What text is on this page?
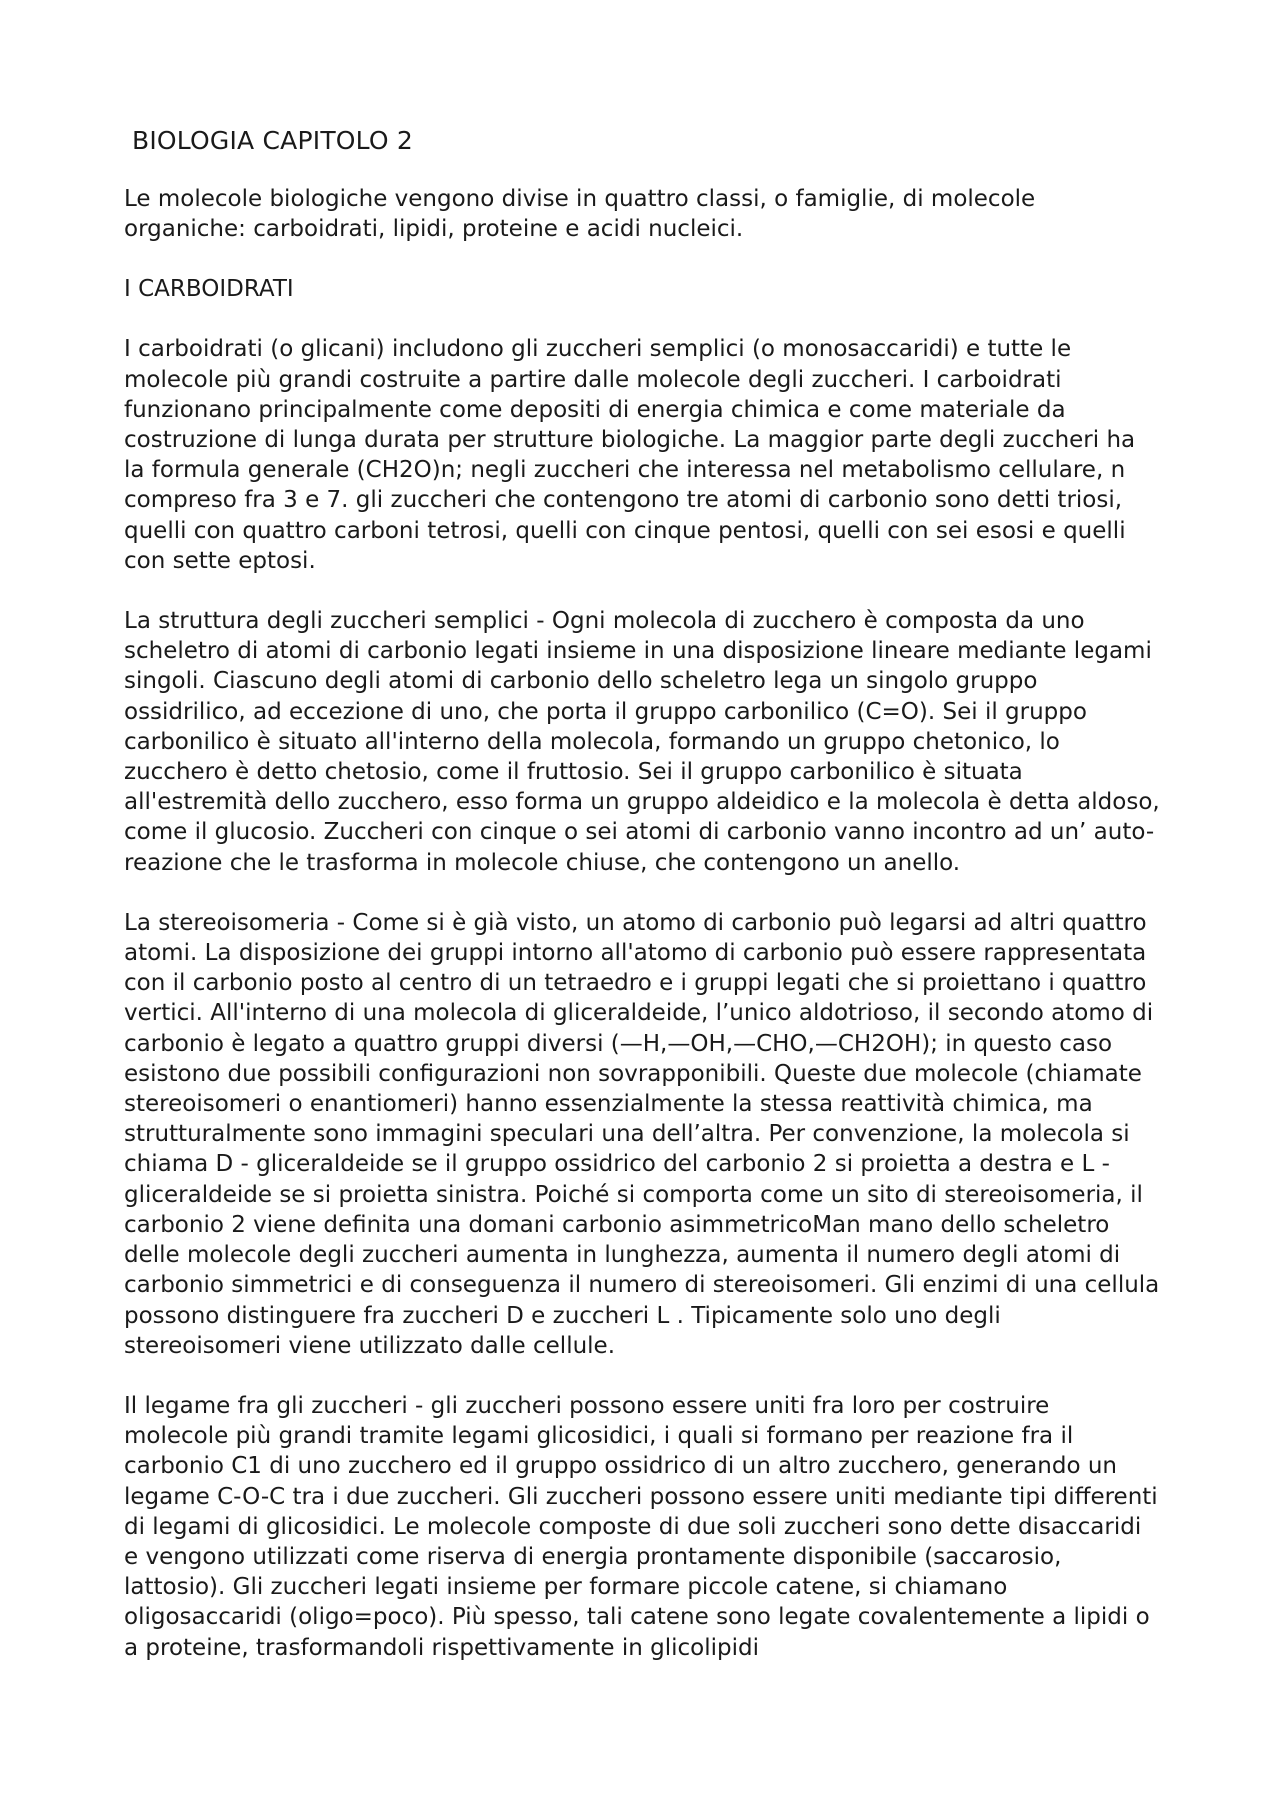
BIOLOGIA CAPITOLO 2
Le molecole biologiche vengono divise in quattro classi, o famiglie, di molecole organiche: carboidrati, lipidi, proteine e acidi nucleici.
I CARBOIDRATI
I carboidrati (o glicani) includono gli zuccheri semplici (o monosaccaridi) e tutte le molecole più grandi costruite a partire dalle molecole degli zuccheri. I carboidrati funzionano principalmente come depositi di energia chimica e come materiale da costruzione di lunga durata per strutture biologiche. La maggior parte degli zuccheri ha la formula generale (CH2O)n; negli zuccheri che interessa nel metabolismo cellulare, n compreso fra 3 e 7. gli zuccheri che contengono tre atomi di carbonio sono detti triosi, quelli con quattro carboni tetrosi, quelli con cinque pentosi, quelli con sei esosi e quelli con sette eptosi.
La struttura degli zuccheri semplici - Ogni molecola di zucchero è composta da uno scheletro di atomi di carbonio legati insieme in una disposizione lineare mediante legami singoli. Ciascuno degli atomi di carbonio dello scheletro lega un singolo gruppo ossidrilico, ad eccezione di uno, che porta il gruppo carbonilico (C=O). Sei il gruppo carbonilico è situato all'interno della molecola, formando un gruppo chetonico, lo zucchero è detto chetosio, come il fruttosio. Sei il gruppo carbonilico è situata all'estremità dello zucchero, esso forma un gruppo aldeidico e la molecola è detta aldoso, come il glucosio. Zuccheri con cinque o sei atomi di carbonio vanno incontro ad un’ auto-reazione che le trasforma in molecole chiuse, che contengono un anello.
La stereoisomeria - Come si è già visto, un atomo di carbonio può legarsi ad altri quattro atomi. La disposizione dei gruppi intorno all'atomo di carbonio può essere rappresentata con il carbonio posto al centro di un tetraedro e i gruppi legati che si proiettano i quattro vertici. All'interno di una molecola di gliceraldeide, l’unico aldotrioso, il secondo atomo di carbonio è legato a quattro gruppi diversi (—H,—OH,—CHO,—CH2OH); in questo caso esistono due possibili configurazioni non sovrapponibili. Queste due molecole (chiamate stereoisomeri o enantiomeri) hanno essenzialmente la stessa reattività chimica, ma strutturalmente sono immagini speculari una dell’altra. Per convenzione, la molecola si chiama D - gliceraldeide se il gruppo ossidrico del carbonio 2 si proietta a destra e L - gliceraldeide se si proietta sinistra. Poiché si comporta come un sito di stereoisomeria, il carbonio 2 viene definita una domani carbonio asimmetricoMan mano dello scheletro delle molecole degli zuccheri aumenta in lunghezza, aumenta il numero degli atomi di carbonio simmetrici e di conseguenza il numero di stereoisomeri. Gli enzimi di una cellula possono distinguere fra zuccheri D e zuccheri L . Tipicamente solo uno degli stereoisomeri viene utilizzato dalle cellule.
Il legame fra gli zuccheri - gli zuccheri possono essere uniti fra loro per costruire molecole più grandi tramite legami glicosidici, i quali si formano per reazione fra il carbonio C1 di uno zucchero ed il gruppo ossidrico di un altro zucchero, generando un legame C-O-C tra i due zuccheri. Gli zuccheri possono essere uniti mediante tipi differenti di legami di glicosidici. Le molecole composte di due soli zuccheri sono dette disaccaridi e vengono utilizzati come riserva di energia prontamente disponibile (saccarosio, lattosio). Gli zuccheri legati insieme per formare piccole catene, si chiamano oligosaccaridi (oligo=poco). Più spesso, tali catene sono legate covalentemente a lipidi o a proteine, trasformandoli rispettivamente in glicolipidi
